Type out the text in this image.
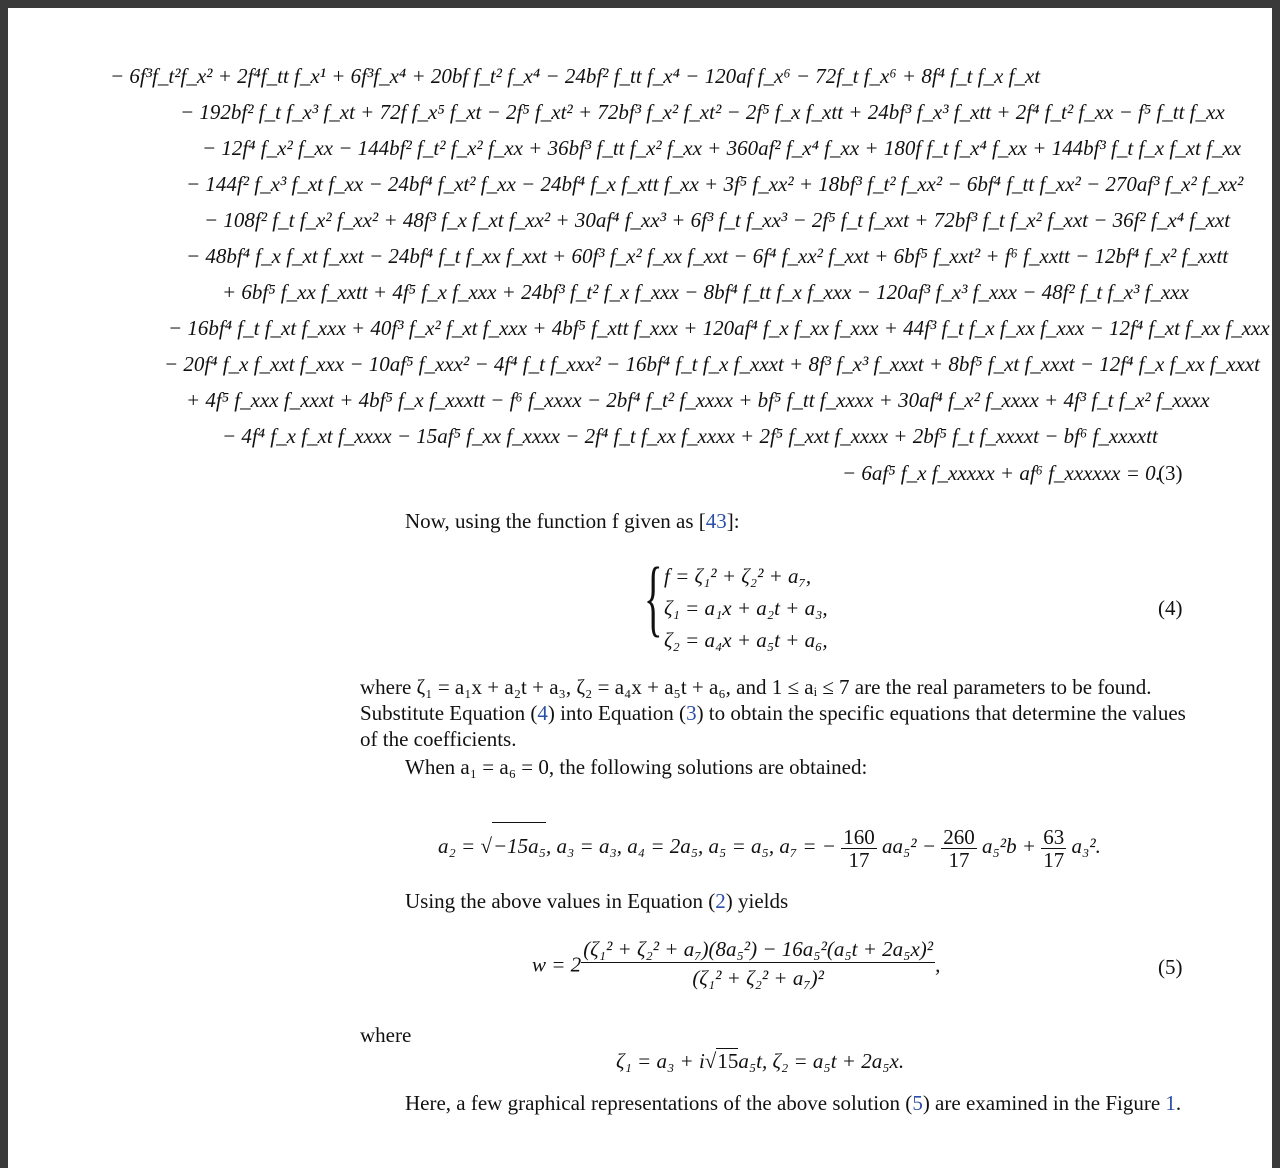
− 6f³f_t²f_x² + 2f⁴f_tt f_x¹ + 6f³f_x⁴ + 20bf f_t² f_x⁴ − 24bf² f_tt f_x⁴ − 120af f_x⁶ − 72f_t f_x⁶ + 8f⁴ f_t f_x f_xt
− 192bf² f_t f_x³ f_xt + 72f f_x⁵ f_xt − 2f⁵ f_xt² + 72bf³ f_x² f_xt² − 2f⁵ f_x f_xtt + 24bf³ f_x³ f_xtt + 2f⁴ f_t² f_xx − f⁵ f_tt f_xx
− 12f⁴ f_x² f_xx − 144bf² f_t² f_x² f_xx + 36bf³ f_tt f_x² f_xx + 360af² f_x⁴ f_xx + 180f f_t f_x⁴ f_xx + 144bf³ f_t f_x f_xt f_xx
− 144f² f_x³ f_xt f_xx − 24bf⁴ f_xt² f_xx − 24bf⁴ f_x f_xtt f_xx + 3f⁵ f_xx² + 18bf³ f_t² f_xx² − 6bf⁴ f_tt f_xx² − 270af³ f_x² f_xx²
− 108f² f_t f_x² f_xx² + 48f³ f_x f_xt f_xx² + 30af⁴ f_xx³ + 6f³ f_t f_xx³ − 2f⁵ f_t f_xxt + 72bf³ f_t f_x² f_xxt − 36f² f_x⁴ f_xxt
− 48bf⁴ f_x f_xt f_xxt − 24bf⁴ f_t f_xx f_xxt + 60f³ f_x² f_xx f_xxt − 6f⁴ f_xx² f_xxt + 6bf⁵ f_xxt² + f⁶ f_xxtt − 12bf⁴ f_x² f_xxtt
+ 6bf⁵ f_xx f_xxtt + 4f⁵ f_x f_xxx + 24bf³ f_t² f_x f_xxx − 8bf⁴ f_tt f_x f_xxx − 120af³ f_x³ f_xxx − 48f² f_t f_x³ f_xxx
− 16bf⁴ f_t f_xt f_xxx + 40f³ f_x² f_xt f_xxx + 4bf⁵ f_xtt f_xxx + 120af⁴ f_x f_xx f_xxx + 44f³ f_t f_x f_xx f_xxx − 12f⁴ f_xt f_xx f_xxx
− 20f⁴ f_x f_xxt f_xxx − 10af⁵ f_xxx² − 4f⁴ f_t f_xxx² − 16bf⁴ f_t f_x f_xxxt + 8f³ f_x³ f_xxxt + 8bf⁵ f_xt f_xxxt − 12f⁴ f_x f_xx f_xxxt
+ 4f⁵ f_xxx f_xxxt + 4bf⁵ f_x f_xxxtt − f⁶ f_xxxx − 2bf⁴ f_t² f_xxxx + bf⁵ f_tt f_xxxx + 30af⁴ f_x² f_xxxx + 4f³ f_t f_x² f_xxxx
− 4f⁴ f_x f_xt f_xxxx − 15af⁵ f_xx f_xxxx − 2f⁴ f_t f_xx f_xxxx + 2f⁵ f_xxt f_xxxx + 2bf⁵ f_t f_xxxxt − bf⁶ f_xxxxtt
− 6af⁵ f_x f_xxxxx + af⁶ f_xxxxxx = 0.
(3)
Now, using the function f given as [43]:
{ f = ζ₁² + ζ₂² + a₇,
ζ₁ = a₁x + a₂t + a₃,
ζ₂ = a₄x + a₅t + a₆,
(4)
where ζ₁ = a₁x + a₂t + a₃, ζ₂ = a₄x + a₅t + a₆, and 1 ≤ aᵢ ≤ 7 are the real parameters to be found. Substitute Equation (4) into Equation (3) to obtain the specific equations that determine the values of the coefficients.
When a₁ = a₆ = 0, the following solutions are obtained:
a₂ = √−15a₅, a₃ = a₃, a₄ = 2a₅, a₅ = a₅, a₇ = − $\frac{160}{17} aa_5^2 - \frac{260}{17} a_5^2b + \frac{63}{17} a_3^2$.
Using the above values in Equation (2) yields
$w = 2 \frac{\text{(ζ₁² + ζ₂² + a₇)(8a₅²) − 16a₅²(a₅t + 2a₅x)²}}{\text{(ζ₁² + ζ₂² + a₇)²}}$ ,	(5)
where
ζ₁ = a₃ + i√15a₅t, ζ₂ = a₅t + 2a₅x.
Here, a few graphical representations of the above solution (5) are examined in the Figure 1.
